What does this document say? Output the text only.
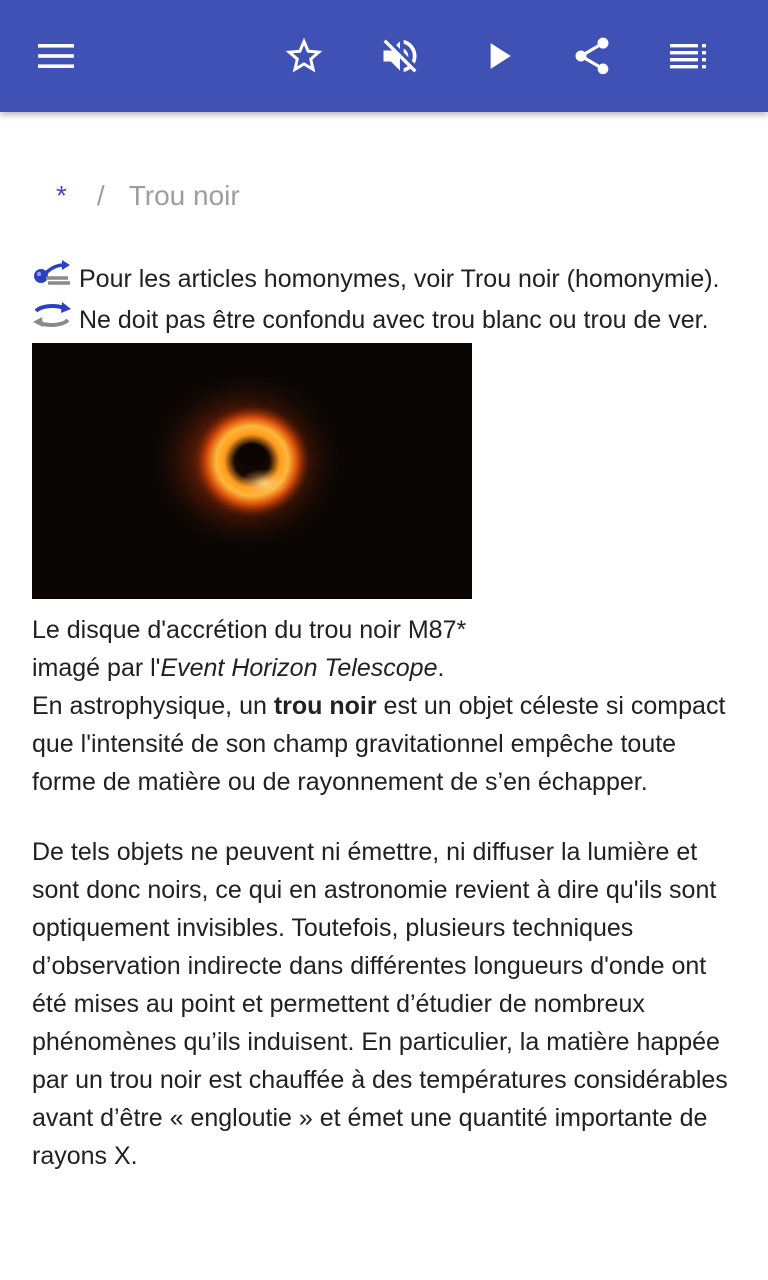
* / Trou noir

Pour les articles homonymes, voir Trou noir (homonymie).

Ne doit pas être confondu avec trou blanc ou trou de ver.

Le disque d'accrétion du trou noir M87* imagé par l'Event Horizon Telescope.

En astrophysique, un trou noir est un objet céleste si compact que l'intensité de son champ gravitationnel empêche toute forme de matière ou de rayonnement de s’en échapper.

De tels objets ne peuvent ni émettre, ni diffuser la lumière et sont donc noirs, ce qui en astronomie revient à dire qu'ils sont optiquement invisibles. Toutefois, plusieurs techniques d’observation indirecte dans différentes longueurs d'onde ont été mises au point et permettent d’étudier de nombreux phénomènes qu’ils induisent. En particulier, la matière happée par un trou noir est chauffée à des températures considérables avant d’être « engloutie » et émet une quantité importante de rayons X.
